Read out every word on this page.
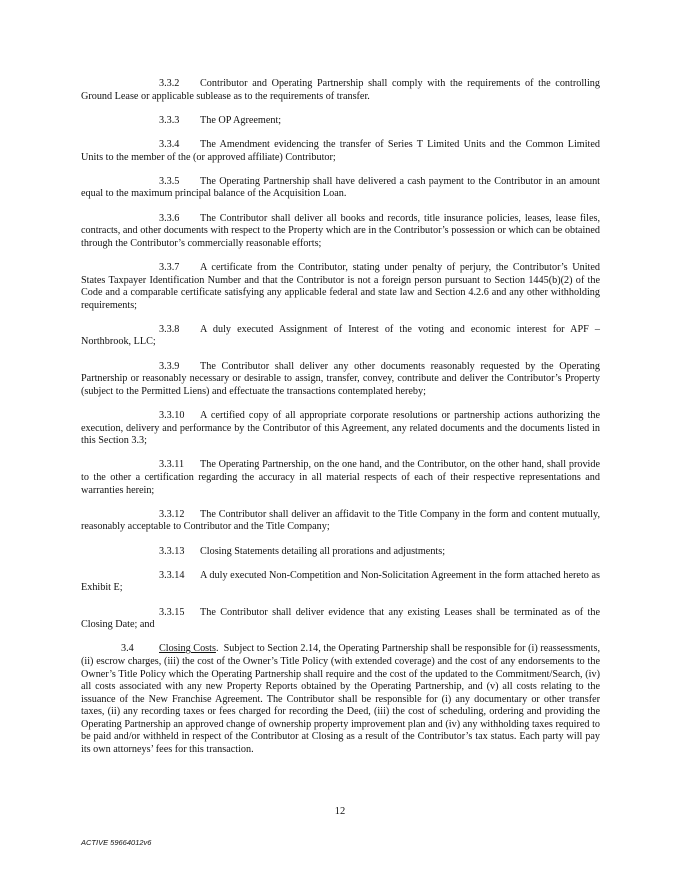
3.3.2 Contributor and Operating Partnership shall comply with the requirements of the controlling Ground Lease or applicable sublease as to the requirements of transfer.

3.3.3 The OP Agreement;

3.3.4 The Amendment evidencing the transfer of Series T Limited Units and the Common Limited Units to the member of the (or approved affiliate) Contributor;

3.3.5 The Operating Partnership shall have delivered a cash payment to the Contributor in an amount equal to the maximum principal balance of the Acquisition Loan.

3.3.6 The Contributor shall deliver all books and records, title insurance policies, leases, lease files, contracts, and other documents with respect to the Property which are in the Contributor’s possession or which can be obtained through the Contributor’s commercially reasonable efforts;

3.3.7 A certificate from the Contributor, stating under penalty of perjury, the Contributor’s United States Taxpayer Identification Number and that the Contributor is not a foreign person pursuant to Section 1445(b)(2) of the Code and a comparable certificate satisfying any applicable federal and state law and Section 4.2.6 and any other withholding requirements;

3.3.8 A duly executed Assignment of Interest of the voting and economic interest for APF – Northbrook, LLC;

3.3.9 The Contributor shall deliver any other documents reasonably requested by the Operating Partnership or reasonably necessary or desirable to assign, transfer, convey, contribute and deliver the Contributor’s Property (subject to the Permitted Liens) and effectuate the transactions contemplated hereby;

3.3.10 A certified copy of all appropriate corporate resolutions or partnership actions authorizing the execution, delivery and performance by the Contributor of this Agreement, any related documents and the documents listed in this Section 3.3;

3.3.11 The Operating Partnership, on the one hand, and the Contributor, on the other hand, shall provide to the other a certification regarding the accuracy in all material respects of each of their respective representations and warranties herein;

3.3.12 The Contributor shall deliver an affidavit to the Title Company in the form and content mutually, reasonably acceptable to Contributor and the Title Company;

3.3.13 Closing Statements detailing all prorations and adjustments;

3.3.14 A duly executed Non-Competition and Non-Solicitation Agreement in the form attached hereto as Exhibit E;

3.3.15 The Contributor shall deliver evidence that any existing Leases shall be terminated as of the Closing Date; and

3.4 Closing Costs. Subject to Section 2.14, the Operating Partnership shall be responsible for (i) reassessments, (ii) escrow charges, (iii) the cost of the Owner’s Title Policy (with extended coverage) and the cost of any endorsements to the Owner’s Title Policy which the Operating Partnership shall require and the cost of the updated to the Commitment/Search, (iv) all costs associated with any new Property Reports obtained by the Operating Partnership, and (v) all costs relating to the issuance of the New Franchise Agreement. The Contributor shall be responsible for (i) any documentary or other transfer taxes, (ii) any recording taxes or fees charged for recording the Deed, (iii) the cost of scheduling, ordering and providing the Operating Partnership an approved change of ownership property improvement plan and (iv) any withholding taxes required to be paid and/or withheld in respect of the Contributor at Closing as a result of the Contributor’s tax status. Each party will pay its own attorneys’ fees for this transaction.

12
ACTIVE 59664012v6
